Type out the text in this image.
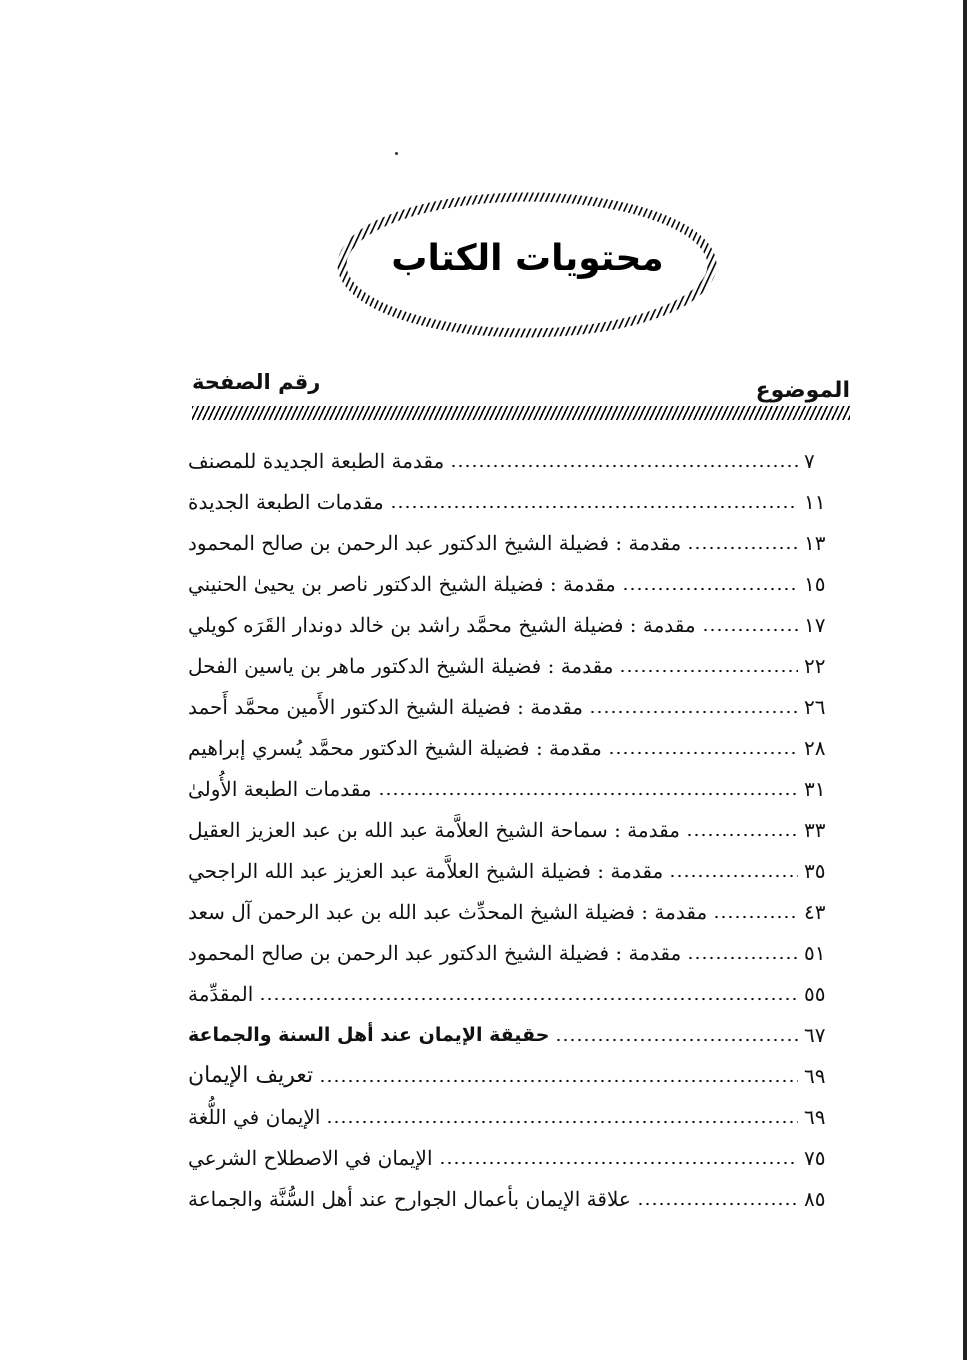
محتويات الكتاب
الموضوع
رقم الصفحة
مقدمة الطبعة الجديدة للمصنف	٧
مقدمات الطبعة الجديدة	١١
مقدمة : فضيلة الشيخ الدكتور عبد الرحمن بن صالح المحمود	١٣
مقدمة : فضيلة الشيخ الدكتور ناصر بن يحيىٰ الحنيني	١٥
مقدمة : فضيلة الشيخ محمَّد راشد بن خالد دوندار القَرَه كويلي	١٧
مقدمة : فضيلة الشيخ الدكتور ماهر بن ياسين الفحل	٢٢
مقدمة : فضيلة الشيخ الدكتور الأَمين محمَّد أَحمد	٢٦
مقدمة : فضيلة الشيخ الدكتور محمَّد يُسري إبراهيم	٢٨
مقدمات الطبعة الأُولىٰ	٣١
مقدمة : سماحة الشيخ العلاَّمة عبد الله بن عبد العزيز العقيل	٣٣
مقدمة : فضيلة الشيخ العلاَّمة عبد العزيز عبد الله الراجحي	٣٥
مقدمة : فضيلة الشيخ المحدِّث عبد الله بن عبد الرحمن آل سعد	٤٣
مقدمة : فضيلة الشيخ الدكتور عبد الرحمن بن صالح المحمود	٥١
المقدِّمة	٥٥
حقيقة الإيمان عند أهل السنة والجماعة	٦٧
تعريف الإيمان	٦٩
الإيمان في اللُّغة	٦٩
الإيمان في الاصطلاح الشرعي	٧٥
علاقة الإيمان بأعمال الجوارح عند أهل السُّنَّة والجماعة	٨٥
